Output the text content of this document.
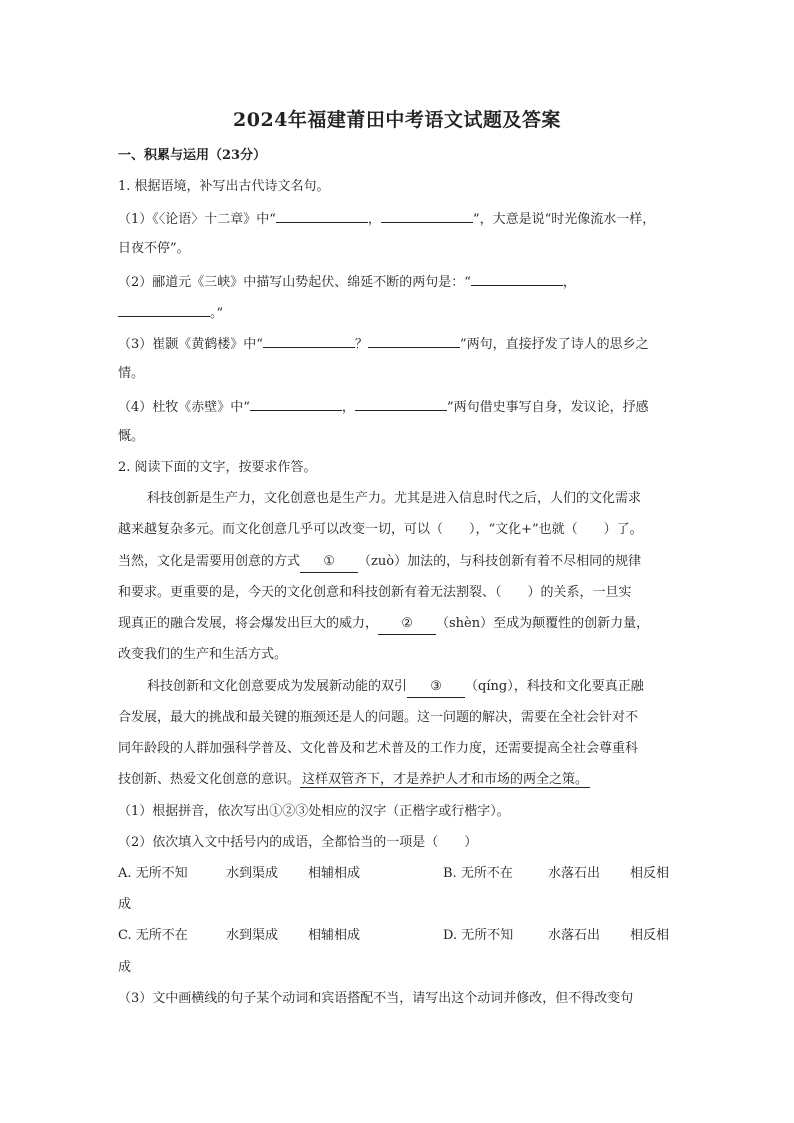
2024年福建莆田中考语文试题及答案
一、积累与运用（23分）
1. 根据语境，补写出古代诗文名句。
（1）《〈论语〉十二章》中“	，	”，大意是说“时光像流水一样，
日夜不停”。
（2）郦道元《三峡》中描写山势起伏、绵延不断的两句是：“	，
。”
（3）崔颢《黄鹤楼》中“	？	”两句，直接抒发了诗人的思乡之
情。
（4）杜牧《赤壁》中“	，	”两句借史事写自身，发议论，抒感
慨。
2. 阅读下面的文字，按要求作答。
科技创新是生产力，文化创意也是生产力。尤其是进入信息时代之后，人们的文化需求
越来越复杂多元。而文化创意几乎可以改变一切，可以（　　），“文化+”也就（　　）了。
当然，文化是需要用创意的方式 ① （zuò）加法的，与科技创新有着不尽相同的规律
和要求。更重要的是，今天的文化创意和科技创新有着无法割裂、（　　）的关系，一旦实
现真正的融合发展，将会爆发出巨大的威力， ② （shèn）至成为颠覆性的创新力量，
改变我们的生产和生活方式。
科技创新和文化创意要成为发展新动能的双引 ③ （qíng），科技和文化要真正融
合发展，最大的挑战和最关键的瓶颈还是人的问题。这一问题的解决，需要在全社会针对不
同年龄段的人群加强科学普及、文化普及和艺术普及的工作力度，还需要提高全社会尊重科
技创新、热爱文化创意的意识。 这样双管齐下，才是养护人才和市场的两全之策。
（1）根据拼音，依次写出①②③处相应的汉字（正楷字或行楷字）。
（2）依次填入文中括号内的成语，全都恰当的一项是（　　）
A. 无所不知	水到渠成 相辅相成	B. 无所不在	水落石出 相反相
成
C. 无所不在	水到渠成 相辅相成	D. 无所不知	水落石出 相反相
成
（3）文中画横线的句子某个动词和宾语搭配不当，请写出这个动词并修改，但不得改变句
